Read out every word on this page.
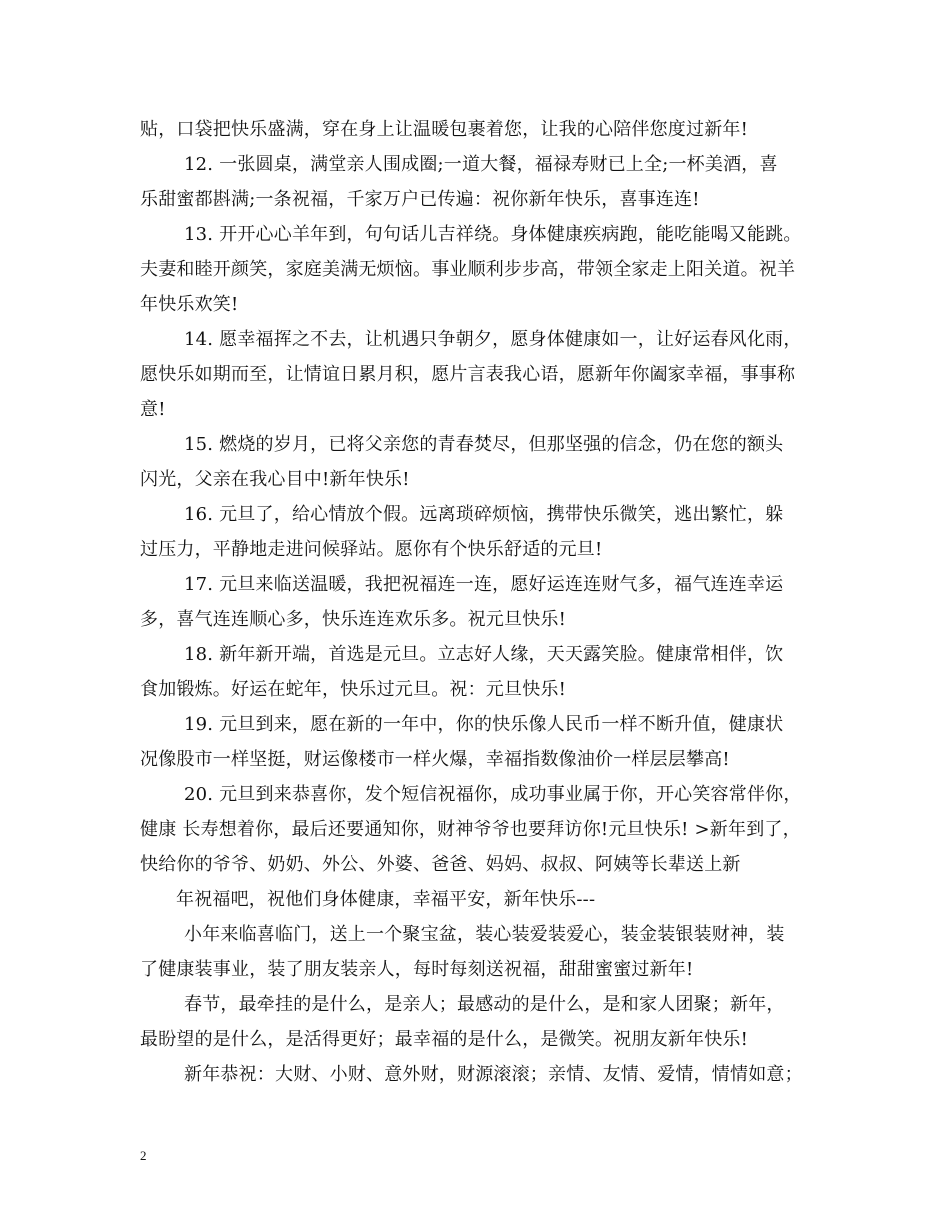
贴，口袋把快乐盛满，穿在身上让温暖包裹着您，让我的心陪伴您度过新年!
12. 一张圆桌，满堂亲人围成圈;一道大餐，福禄寿财已上全;一杯美酒，喜
乐甜蜜都斟满;一条祝福，千家万户已传遍：祝你新年快乐，喜事连连!
13. 开开心心羊年到，句句话儿吉祥绕。身体健康疾病跑，能吃能喝又能跳。
夫妻和睦开颜笑，家庭美满无烦恼。事业顺利步步高，带领全家走上阳关道。祝羊
年快乐欢笑!
14. 愿幸福挥之不去，让机遇只争朝夕，愿身体健康如一，让好运春风化雨，
愿快乐如期而至，让情谊日累月积，愿片言表我心语，愿新年你阖家幸福，事事称
意!
15. 燃烧的岁月，已将父亲您的青春焚尽，但那坚强的信念，仍在您的额头
闪光，父亲在我心目中!新年快乐!
16. 元旦了，给心情放个假。远离琐碎烦恼，携带快乐微笑，逃出繁忙，躲
过压力，平静地走进问候驿站。愿你有个快乐舒适的元旦!
17. 元旦来临送温暖，我把祝福连一连，愿好运连连财气多，福气连连幸运
多，喜气连连顺心多，快乐连连欢乐多。祝元旦快乐!
18. 新年新开端，首选是元旦。立志好人缘，天天露笑脸。健康常相伴，饮
食加锻炼。好运在蛇年，快乐过元旦。祝：元旦快乐!
19. 元旦到来，愿在新的一年中，你的快乐像人民币一样不断升值，健康状
况像股市一样坚挺，财运像楼市一样火爆，幸福指数像油价一样层层攀高!
20. 元旦到来恭喜你，发个短信祝福你，成功事业属于你，开心笑容常伴你，
健康 长寿想着你，最后还要通知你，财神爷爷也要拜访你!元旦快乐! >新年到了，
快给你的爷爷、奶奶、外公、外婆、爸爸、妈妈、叔叔、阿姨等长辈送上新
年祝福吧，祝他们身体健康，幸福平安，新年快乐---
小年来临喜临门，送上一个聚宝盆，装心装爱装爱心，装金装银装财神，装
了健康装事业，装了朋友装亲人，每时每刻送祝福，甜甜蜜蜜过新年!
春节，最牵挂的是什么，是亲人；最感动的是什么，是和家人团聚；新年，
最盼望的是什么，是活得更好；最幸福的是什么，是微笑。祝朋友新年快乐!
新年恭祝：大财、小财、意外财，财源滚滚；亲情、友情、爱情，情情如意；
2
